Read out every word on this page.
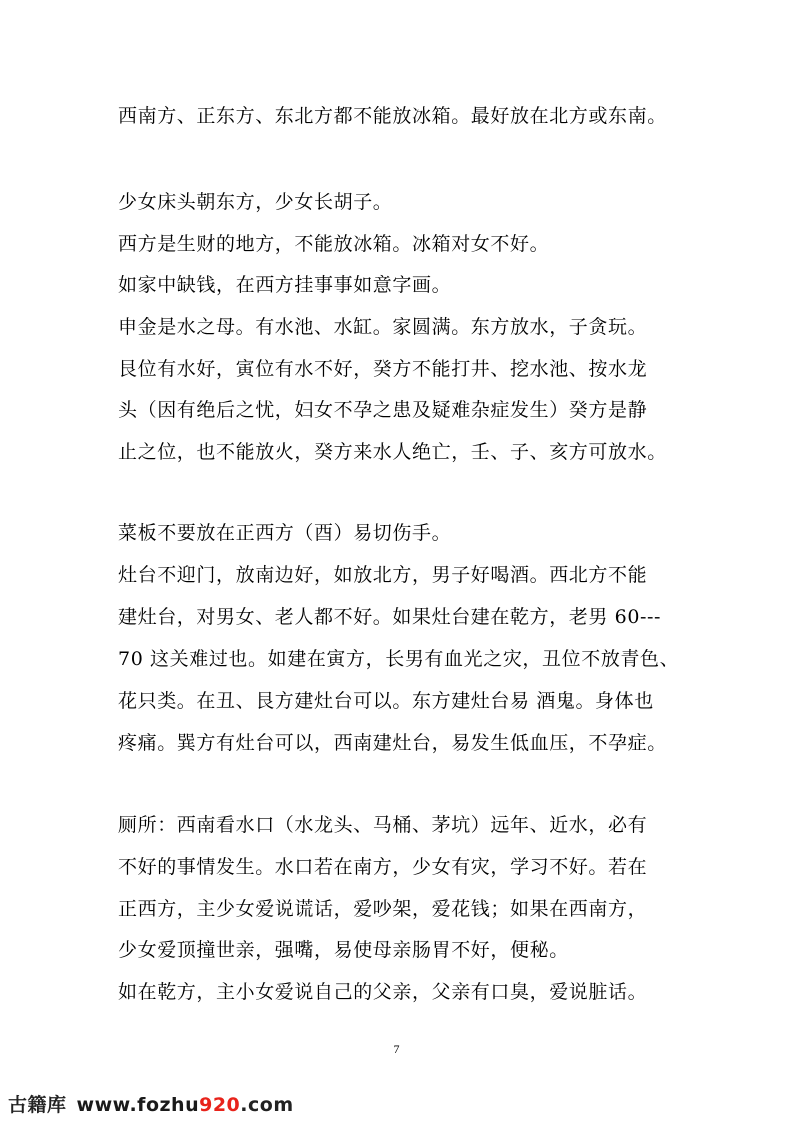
西南方、正东方、东北方都不能放冰箱。最好放在北方或东南。
少女床头朝东方，少女长胡子。
西方是生财的地方，不能放冰箱。冰箱对女不好。
如家中缺钱，在西方挂事事如意字画。
申金是水之母。有水池、水缸。家圆满。东方放水，子贪玩。
艮位有水好，寅位有水不好，癸方不能打井、挖水池、按水龙
头（因有绝后之忧，妇女不孕之患及疑难杂症发生）癸方是静
止之位，也不能放火，癸方来水人绝亡，壬、子、亥方可放水。
菜板不要放在正西方（酉）易切伤手。
灶台不迎门，放南边好，如放北方，男子好喝酒。西北方不能
建灶台，对男女、老人都不好。如果灶台建在乾方，老男 60---
70 这关难过也。如建在寅方，长男有血光之灾，丑位不放青色、
花只类。在丑、艮方建灶台可以。东方建灶台易 酒鬼。身体也
疼痛。巽方有灶台可以，西南建灶台，易发生低血压，不孕症。
厕所：西南看水口（水龙头、马桶、茅坑）远年、近水，必有
不好的事情发生。水口若在南方，少女有灾，学习不好。若在
正西方，主少女爱说谎话，爱吵架，爱花钱；如果在西南方，
少女爱顶撞世亲，强嘴，易使母亲肠胃不好，便秘。
如在乾方，主小女爱说自己的父亲，父亲有口臭，爱说脏话。
7
古籍库 www.fozhu920.com
